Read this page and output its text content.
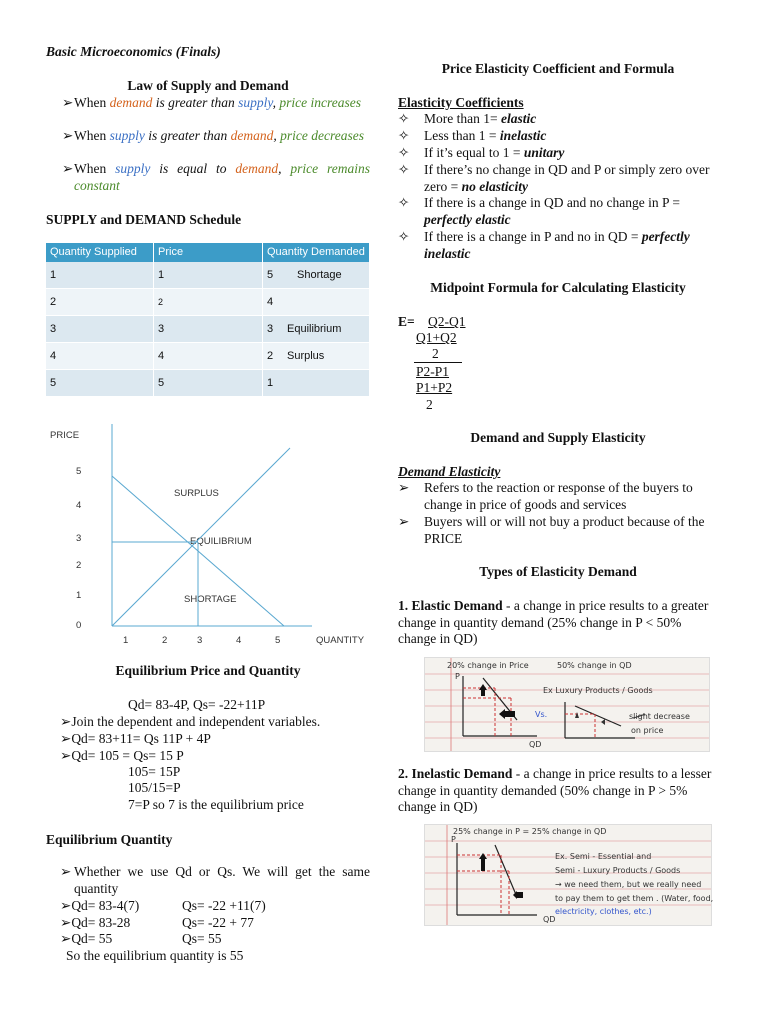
Basic Microeconomics (Finals)
Law of Supply and Demand
➢ When demand is greater than supply, price increases
➢ When supply is greater than demand, price decreases
➢ When supply is equal to demand, price remains constant
SUPPLY and DEMAND Schedule
Quantity Supplied	Price	Quantity Demanded
1	1	5 Shortage
2	2	4
3	3	3 Equilibrium
4	4	2 Surplus
5	5	1
PRICE
5
4
3
2
1
0
1	2	3	4	5	QUANTITY
SURPLUS
EQUILIBRIUM
SHORTAGE
Equilibrium Price and Quantity
Qd= 83-4P, Qs= -22+11P
➢Join the dependent and independent variables.
➢Qd= 83+11= Qs 11P + 4P
➢Qd= 105 = Qs= 15 P
105= 15P
105/15=P
7=P so 7 is the equilibrium price
Equilibrium Quantity
➢ Whether we use Qd or Qs. We will get the same quantity
➢Qd= 83-4(7)	Qs= -22 +11(7)
➢Qd= 83-28	Qs= -22 + 77
➢Qd= 55	Qs= 55
So the equilibrium quantity is 55
Price Elasticity Coefficient and Formula
Elasticity Coefficients
✧ More than 1= elastic
✧ Less than 1 = inelastic
✧ If it’s equal to 1 = unitary
✧ If there’s no change in QD and P or simply zero over zero = no elasticity
✧ If there is a change in QD and no change in P = perfectly elastic
✧ If there is a change in P and no in QD = perfectly inelastic
Midpoint Formula for Calculating Elasticity
E= Q2-Q1
Q1+Q2
2
P2-P1
P1+P2
2
Demand and Supply Elasticity
Demand Elasticity
➢ Refers to the reaction or response of the buyers to change in price of goods and services
➢ Buyers will or will not buy a product because of the PRICE
Types of Elasticity Demand
1. Elastic Demand - a change in price results to a greater change in quantity demand (25% change in P < 50% change in QD)
20% change in Price	50% change in QD
P
Ex Luxury Products / Goods
Vs.	slight decrease
on price
QD
2. Inelastic Demand - a change in price results to a lesser change in quantity demanded (50% change in P > 5% change in QD)
25% change in P = 25% change in QD
P
Ex. Semi - Essential and
Semi - Luxury Products / Goods
→ we need them, but we really need
to pay them to get them . (Water, food,
electricity, clothes, etc.)
QD
